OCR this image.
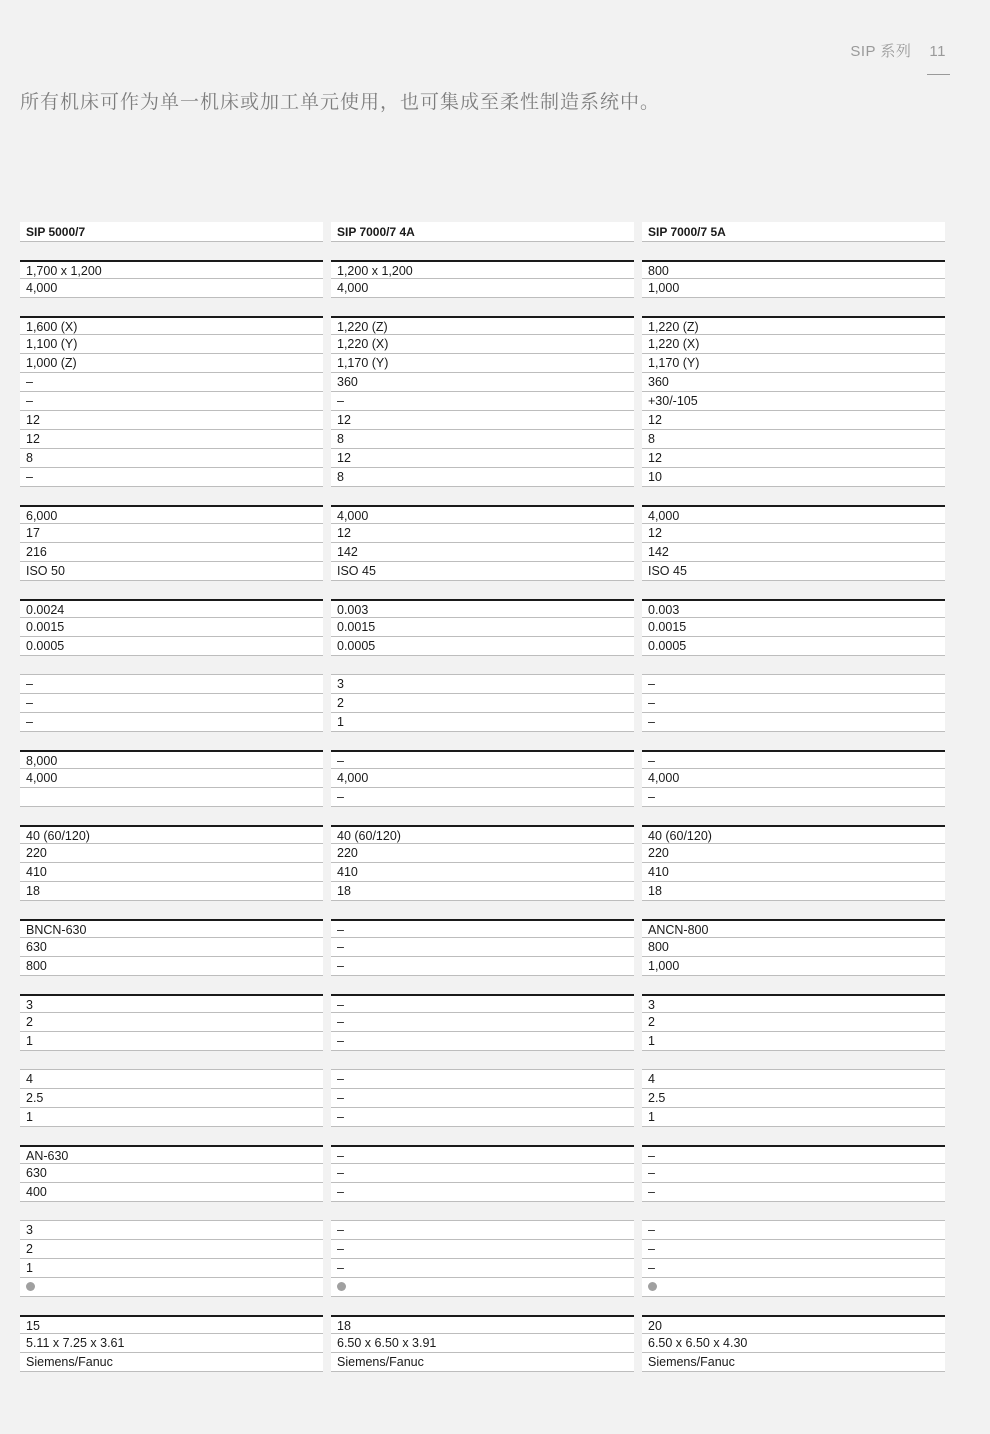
SIP 系列 11
所有机床可作为单一机床或加工单元使用，也可集成至柔性制造系统中。
SIP 5000/7
1,700 x 1,200
4,000
1,600 (X)
1,100 (Y)
1,000 (Z)
–
–
12
12
8
–
6,000
17
216
ISO 50
0.0024
0.0015
0.0005
–
–
–
8,000
4,000
40 (60/120)
220
410
18
BNCN-630
630
800
3
2
1
4
2.5
1
AN-630
630
400
3
2
1
15
5.11 x 7.25 x 3.61
Siemens/Fanuc
SIP 7000/7 4A
1,200 x 1,200
4,000
1,220 (Z)
1,220 (X)
1,170 (Y)
360
–
12
8
12
8
4,000
12
142
ISO 45
0.003
0.0015
0.0005
3
2
1
–
4,000
–
40 (60/120)
220
410
18
–
–
–
–
–
–
–
–
–
–
–
–
–
–
–
18
6.50 x 6.50 x 3.91
Siemens/Fanuc
SIP 7000/7 5A
800
1,000
1,220 (Z)
1,220 (X)
1,170 (Y)
360
+30/-105
12
8
12
10
4,000
12
142
ISO 45
0.003
0.0015
0.0005
–
–
–
–
4,000
–
40 (60/120)
220
410
18
ANCN-800
800
1,000
3
2
1
4
2.5
1
–
–
–
–
–
–
20
6.50 x 6.50 x 4.30
Siemens/Fanuc
